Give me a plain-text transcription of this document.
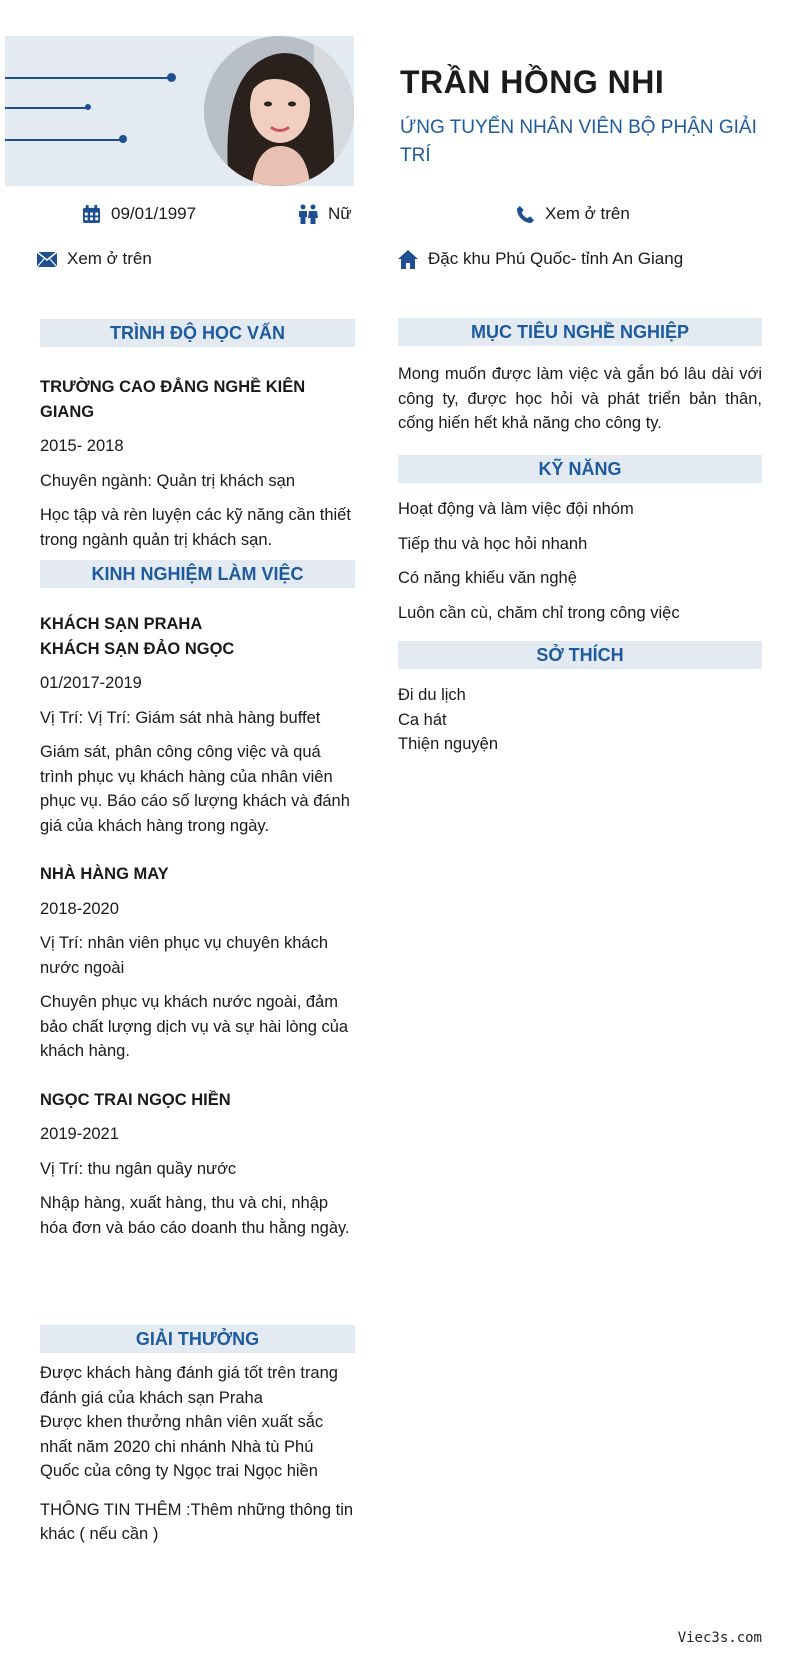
TRẦN HỒNG NHI

ỨNG TUYỂN NHÂN VIÊN BỘ PHẬN GIẢI TRÍ

09/01/1997	Nữ	Xem ở trên
Xem ở trên	Đặc khu Phú Quốc- tỉnh An Giang
TRÌNH ĐỘ HỌC VẤN

TRƯỜNG CAO ĐẲNG NGHỀ KIÊN GIANG

2015- 2018

Chuyên ngành: Quản trị khách sạn

Học tập và rèn luyện các kỹ năng cần thiết trong ngành quản trị khách sạn.

KINH NGHIỆM LÀM VIỆC

KHÁCH SẠN PRAHA

KHÁCH SẠN ĐẢO NGỌC

01/2017-2019

Vị Trí: Vị Trí: Giám sát nhà hàng buffet

Giám sát, phân công công việc và quá trình phục vụ khách hàng của nhân viên phục vụ. Báo cáo số lượng khách và đánh giá của khách hàng trong ngày.

NHÀ HÀNG MAY

2018-2020

Vị Trí: nhân viên phục vụ chuyên khách nước ngoài

Chuyên phục vụ khách nước ngoài, đảm bảo chất lượng dịch vụ và sự hài lòng của khách hàng.

NGỌC TRAI NGỌC HIỀN

2019-2021

Vị Trí: thu ngân quầy nước

Nhập hàng, xuất hàng, thu và chi, nhập hóa đơn và báo cáo doanh thu hằng ngày.

GIẢI THƯỞNG

Được khách hàng đánh giá tốt trên trang đánh giá của khách sạn Praha
Được khen thưởng nhân viên xuất sắc nhất năm 2020 chi nhánh Nhà tù Phú Quốc của công ty Ngọc trai Ngọc hiền

THÔNG TIN THÊM :Thêm những thông tin khác ( nếu cần )

MỤC TIÊU NGHỀ NGHIỆP

Mong muốn được làm việc và gắn bó lâu dài với công ty, được học hỏi và phát triển bản thân, cống hiến hết khả năng cho công ty.

KỸ NĂNG

Hoạt động và làm việc đội nhóm

Tiếp thu và học hỏi nhanh

Có năng khiếu văn nghệ

Luôn cần cù, chăm chỉ trong công việc

SỞ THÍCH

Đi du lịch

Ca hát

Thiện nguyện

Viec3s.com
